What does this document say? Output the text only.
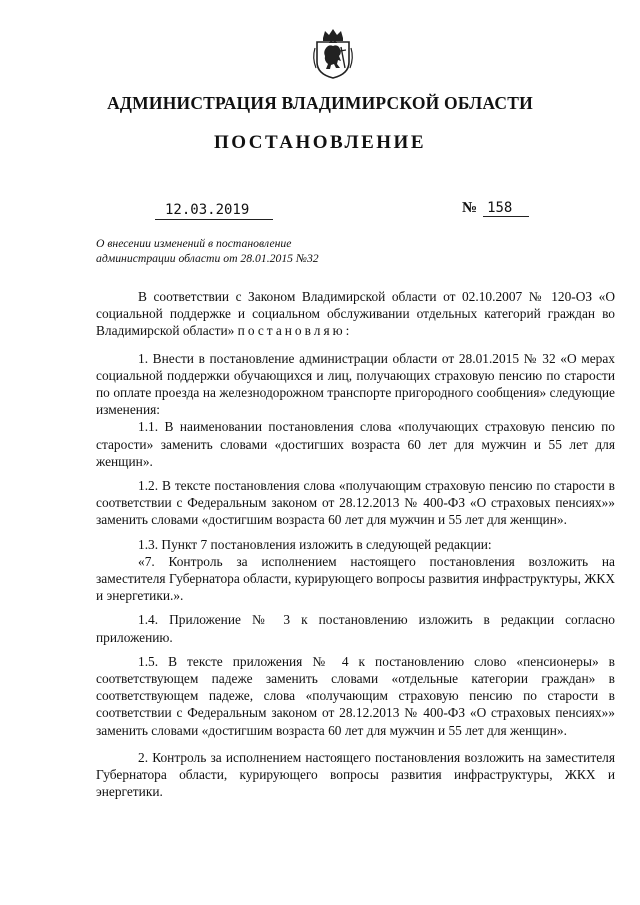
АДМИНИСТРАЦИЯ ВЛАДИМИРСКОЙ ОБЛАСТИ
ПОСТАНОВЛЕНИЕ
12.03.2019	№ 158
О внесении изменений в постановление
администрации области от 28.01.2015 №32

В соответствии с Законом Владимирской области от 02.10.2007 № 120-ОЗ «О социальной поддержке и социальном обслуживании отдельных категорий граждан во Владимирской области» постановляю:

1. Внести в постановление администрации области от 28.01.2015 № 32 «О мерах социальной поддержки обучающихся и лиц, получающих страховую пенсию по старости по оплате проезда на железнодорожном транспорте пригородного сообщения» следующие изменения:

1.1. В наименовании постановления слова «получающих страховую пенсию по старости» заменить словами «достигших возраста 60 лет для мужчин и 55 лет для женщин».

1.2. В тексте постановления слова «получающим страховую пенсию по старости в соответствии с Федеральным законом от 28.12.2013 № 400-ФЗ «О страховых пенсиях»» заменить словами «достигшим возраста 60 лет для мужчин и 55 лет для женщин».

1.3. Пункт 7 постановления изложить в следующей редакции:

«7. Контроль за исполнением настоящего постановления возложить на заместителя Губернатора области, курирующего вопросы развития инфраструктуры, ЖКХ и энергетики.».

1.4. Приложение № 3 к постановлению изложить в редакции согласно приложению.

1.5. В тексте приложения № 4 к постановлению слово «пенсионеры» в соответствующем падеже заменить словами «отдельные категории граждан» в соответствующем падеже, слова «получающим страховую пенсию по старости в соответствии с Федеральным законом от 28.12.2013 № 400-ФЗ «О страховых пенсиях»» заменить словами «достигшим возраста 60 лет для мужчин и 55 лет для женщин».

2. Контроль за исполнением настоящего постановления возложить на заместителя Губернатора области, курирующего вопросы развития инфраструктуры, ЖКХ и энергетики.
